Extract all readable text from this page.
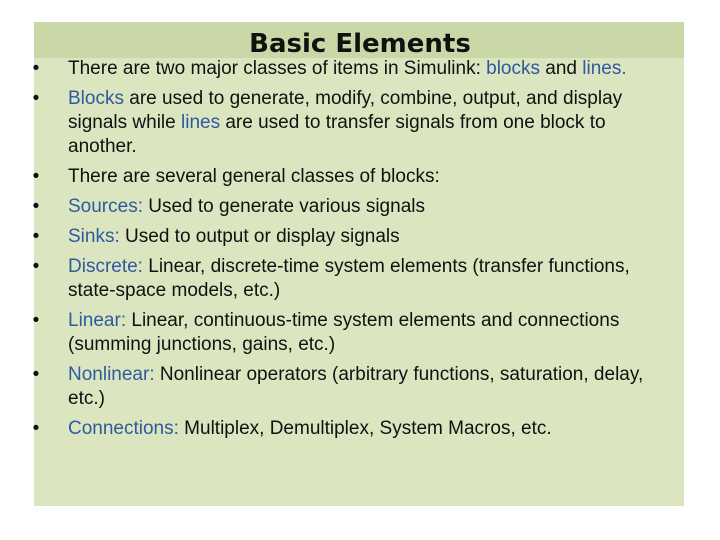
Basic Elements
•	There are two major classes of items in Simulink: blocks and lines.
•	Blocks are used to generate, modify, combine, output, and display signals while lines are used to transfer signals from one block to another.
•	There are several general classes of blocks:
•	Sources: Used to generate various signals
•	Sinks: Used to output or display signals
•	Discrete: Linear, discrete-time system elements (transfer functions, state-space models, etc.)
•	Linear: Linear, continuous-time system elements and connections (summing junctions, gains, etc.)
•	Nonlinear: Nonlinear operators (arbitrary functions, saturation, delay, etc.)
•	Connections: Multiplex, Demultiplex, System Macros, etc.
